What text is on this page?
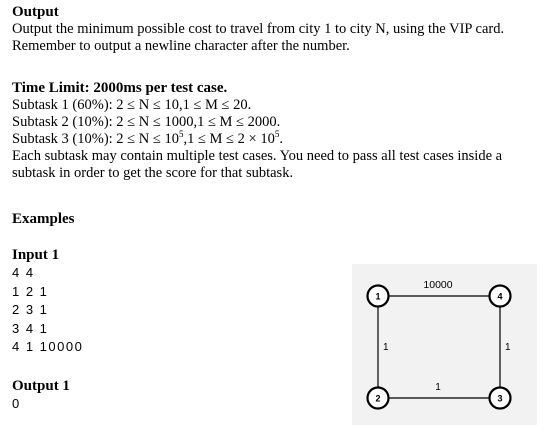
Output

Output the minimum possible cost to travel from city 1 to city N, using the VIP card.

Remember to output a newline character after the number.

Time Limit: 2000ms per test case.

Subtask 1 (60%): 2 ≤ N ≤ 10,1 ≤ M ≤ 20.

Subtask 2 (10%): 2 ≤ N ≤ 1000,1 ≤ M ≤ 2000.

Subtask 3 (10%): $2 \le N \le 10^5,1 \le M \le 2 \times 10^5$.

Each subtask may contain multiple test cases. You need to pass all test cases inside a

subtask in order to get the score for that subtask.

Examples
Input 1

4 4

1 2 1

2 3 1

3 4 1

4 1 10000

Output 1

0

10000
1
1
1
1	4
2	3
